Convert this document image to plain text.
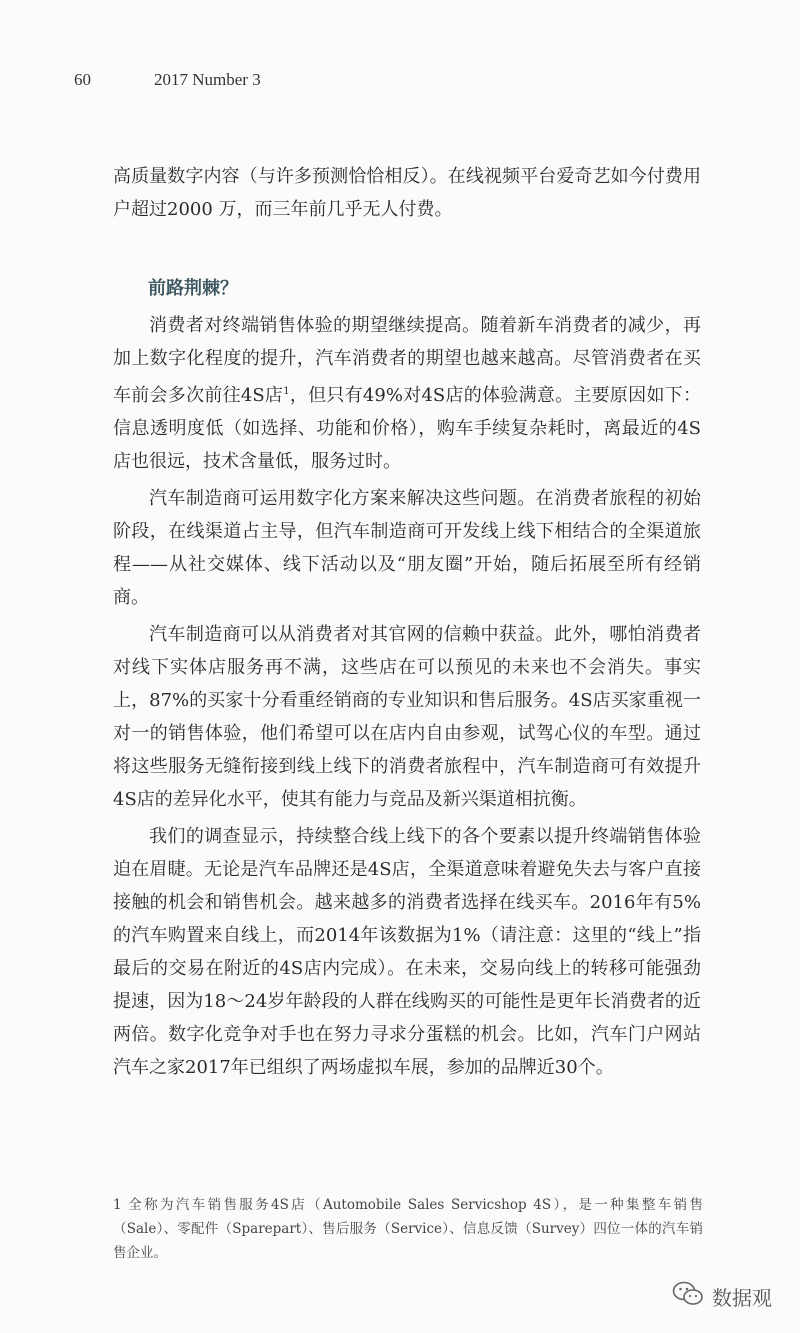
60	2017 Number 3

高质量数字内容（与许多预测恰恰相反）。在线视频平台爱奇艺如今付费用户超过2000 万，而三年前几乎无人付费。

前路荆棘？

消费者对终端销售体验的期望继续提高。随着新车消费者的减少，再加上数字化程度的提升，汽车消费者的期望也越来越高。尽管消费者在买车前会多次前往4S店$^1$，但只有49%对4S店的体验满意。主要原因如下：信息透明度低（如选择、功能和价格），购车手续复杂耗时，离最近的4S店也很远，技术含量低，服务过时。

汽车制造商可运用数字化方案来解决这些问题。在消费者旅程的初始阶段，在线渠道占主导，但汽车制造商可开发线上线下相结合的全渠道旅程——从社交媒体、线下活动以及“朋友圈”开始，随后拓展至所有经销商。

汽车制造商可以从消费者对其官网的信赖中获益。此外，哪怕消费者对线下实体店服务再不满，这些店在可以预见的未来也不会消失。事实上，87%的买家十分看重经销商的专业知识和售后服务。4S店买家重视一对一的销售体验，他们希望可以在店内自由参观，试驾心仪的车型。通过将这些服务无缝衔接到线上线下的消费者旅程中，汽车制造商可有效提升4S店的差异化水平，使其有能力与竞品及新兴渠道相抗衡。

我们的调查显示，持续整合线上线下的各个要素以提升终端销售体验迫在眉睫。无论是汽车品牌还是4S店，全渠道意味着避免失去与客户直接接触的机会和销售机会。越来越多的消费者选择在线买车。2016年有5%的汽车购置来自线上，而2014年该数据为1%（请注意：这里的“线上”指最后的交易在附近的4S店内完成）。在未来，交易向线上的转移可能强劲提速，因为18～24岁年龄段的人群在线购买的可能性是更年长消费者的近两倍。数字化竞争对手也在努力寻求分蛋糕的机会。比如，汽车门户网站汽车之家2017年已组织了两场虚拟车展，参加的品牌近30个。

1 全称为汽车销售服务4S店（Automobile Sales Servicshop 4S），是一种集整车销售（Sale）、零配件（Sparepart）、售后服务（Service）、信息反馈（Survey）四位一体的汽车销售企业。
数据观
